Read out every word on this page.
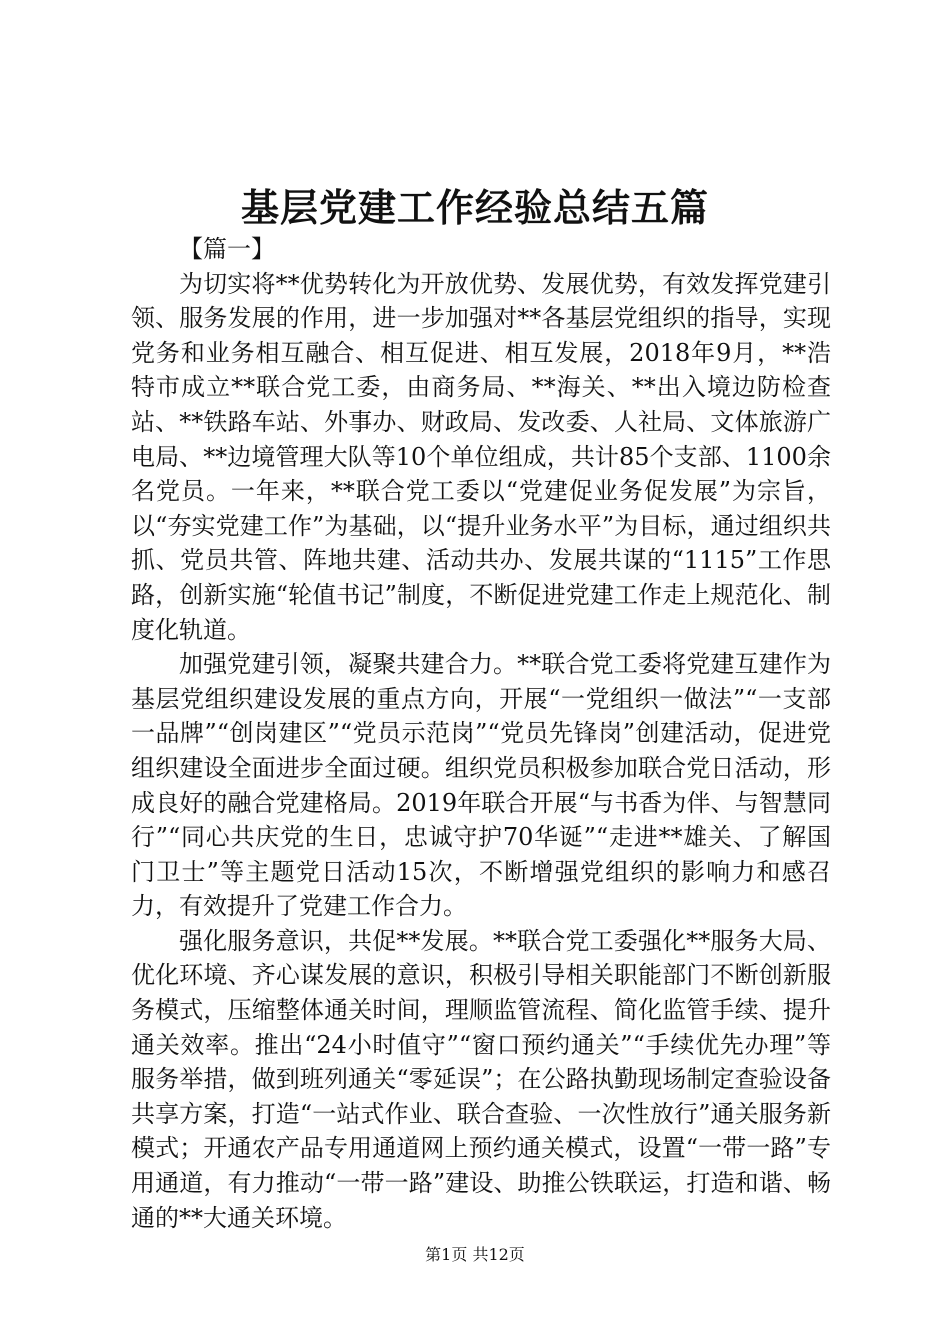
基层党建工作经验总结五篇

【篇一】

为切实将**优势转化为开放优势、发展优势，有效发挥党建引领、服务发展的作用，进一步加强对**各基层党组织的指导，实现党务和业务相互融合、相互促进、相互发展，2018年9月，**浩特市成立**联合党工委，由商务局、**海关、**出入境边防检查站、**铁路车站、外事办、财政局、发改委、人社局、文体旅游广电局、**边境管理大队等10个单位组成，共计85个支部、1100余名党员。一年来，**联合党工委以“党建促业务促发展”为宗旨，以“夯实党建工作”为基础，以“提升业务水平”为目标，通过组织共抓、党员共管、阵地共建、活动共办、发展共谋的“1115”工作思路，创新实施“轮值书记”制度，不断促进党建工作走上规范化、制度化轨道。

加强党建引领，凝聚共建合力。**联合党工委将党建互建作为基层党组织建设发展的重点方向，开展“一党组织一做法”“一支部一品牌”“创岗建区”“党员示范岗”“党员先锋岗”创建活动，促进党组织建设全面进步全面过硬。组织党员积极参加联合党日活动，形成良好的融合党建格局。2019年联合开展“与书香为伴、与智慧同行”“同心共庆党的生日，忠诚守护70华诞”“走进**雄关、了解国门卫士”等主题党日活动15次，不断增强党组织的影响力和感召力，有效提升了党建工作合力。

强化服务意识，共促**发展。**联合党工委强化**服务大局、优化环境、齐心谋发展的意识，积极引导相关职能部门不断创新服务模式，压缩整体通关时间，理顺监管流程、简化监管手续、提升通关效率。推出“24小时值守”“窗口预约通关”“手续优先办理”等服务举措，做到班列通关“零延误”；在公路执勤现场制定查验设备共享方案，打造“一站式作业、联合查验、一次性放行”通关服务新模式；开通农产品专用通道网上预约通关模式，设置“一带一路”专用通道，有力推动“一带一路”建设、助推公铁联运，打造和谐、畅通的**大通关环境。

第1页 共12页
